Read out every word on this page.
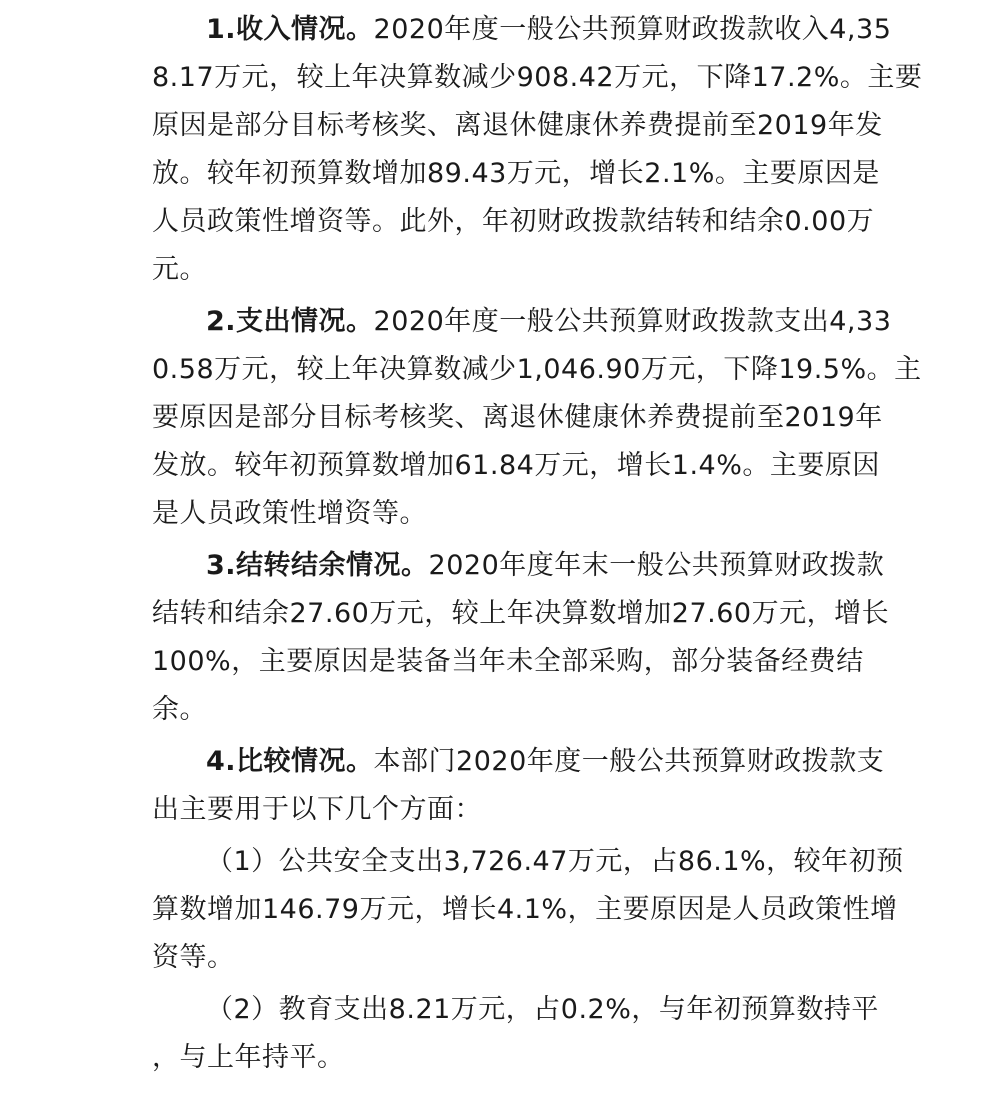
1.收入情况。2020年度一般公共预算财政拨款收入4,35
8.17万元，较上年决算数减少908.42万元，下降17.2%。主要
原因是部分目标考核奖、离退休健康休养费提前至2019年发
放。较年初预算数增加89.43万元，增长2.1%。主要原因是
人员政策性增资等。此外，年初财政拨款结转和结余0.00万
元。
2.支出情况。2020年度一般公共预算财政拨款支出4,33
0.58万元，较上年决算数减少1,046.90万元，下降19.5%。主
要原因是部分目标考核奖、离退休健康休养费提前至2019年
发放。较年初预算数增加61.84万元，增长1.4%。主要原因
是人员政策性增资等。
3.结转结余情况。2020年度年末一般公共预算财政拨款
结转和结余27.60万元，较上年决算数增加27.60万元，增长
100%，主要原因是装备当年未全部采购，部分装备经费结
余。
4.比较情况。本部门2020年度一般公共预算财政拨款支
出主要用于以下几个方面：
（1）公共安全支出3,726.47万元，占86.1%，较年初预
算数增加146.79万元，增长4.1%，主要原因是人员政策性增
资等。
（2）教育支出8.21万元，占0.2%，与年初预算数持平
，与上年持平。
